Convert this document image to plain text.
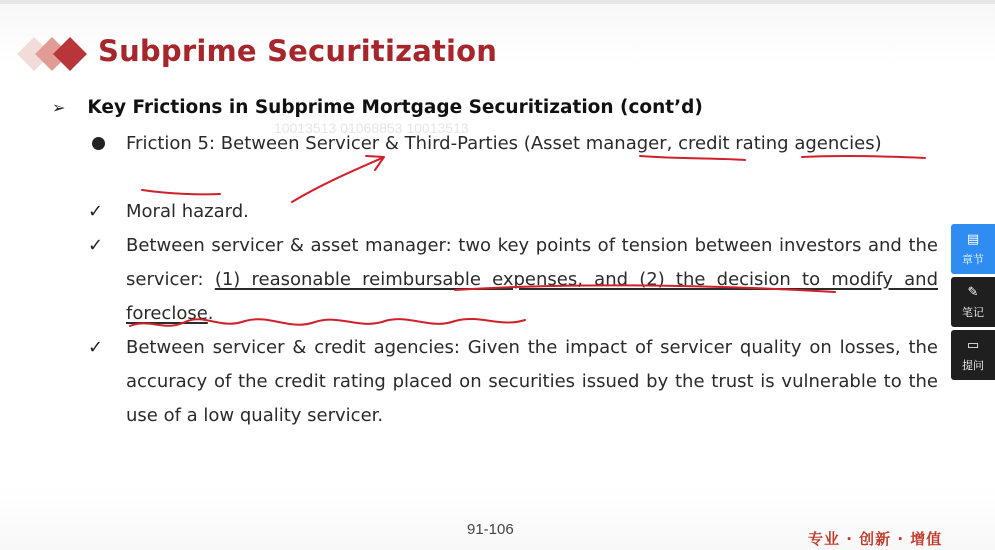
Subprime Securitization
10013513 01068853 10013513
➢ Key Frictions in Subprime Mortgage Securitization (cont’d)
Friction 5: Between Servicer & Third-Parties (Asset manager, credit rating agencies)
✓	Moral hazard.
✓	Between servicer & asset manager: two key points of tension between investors and the servicer: (1) reasonable reimbursable expenses, and (2) the decision to modify and foreclose.
✓	Between servicer & credit agencies: Given the impact of servicer quality on losses, the accuracy of the credit rating placed on securities issued by the trust is vulnerable to the use of a low quality servicer.
91-106
专业 · 创新 · 增值
▤
章节
✎
笔记
▭
提问
